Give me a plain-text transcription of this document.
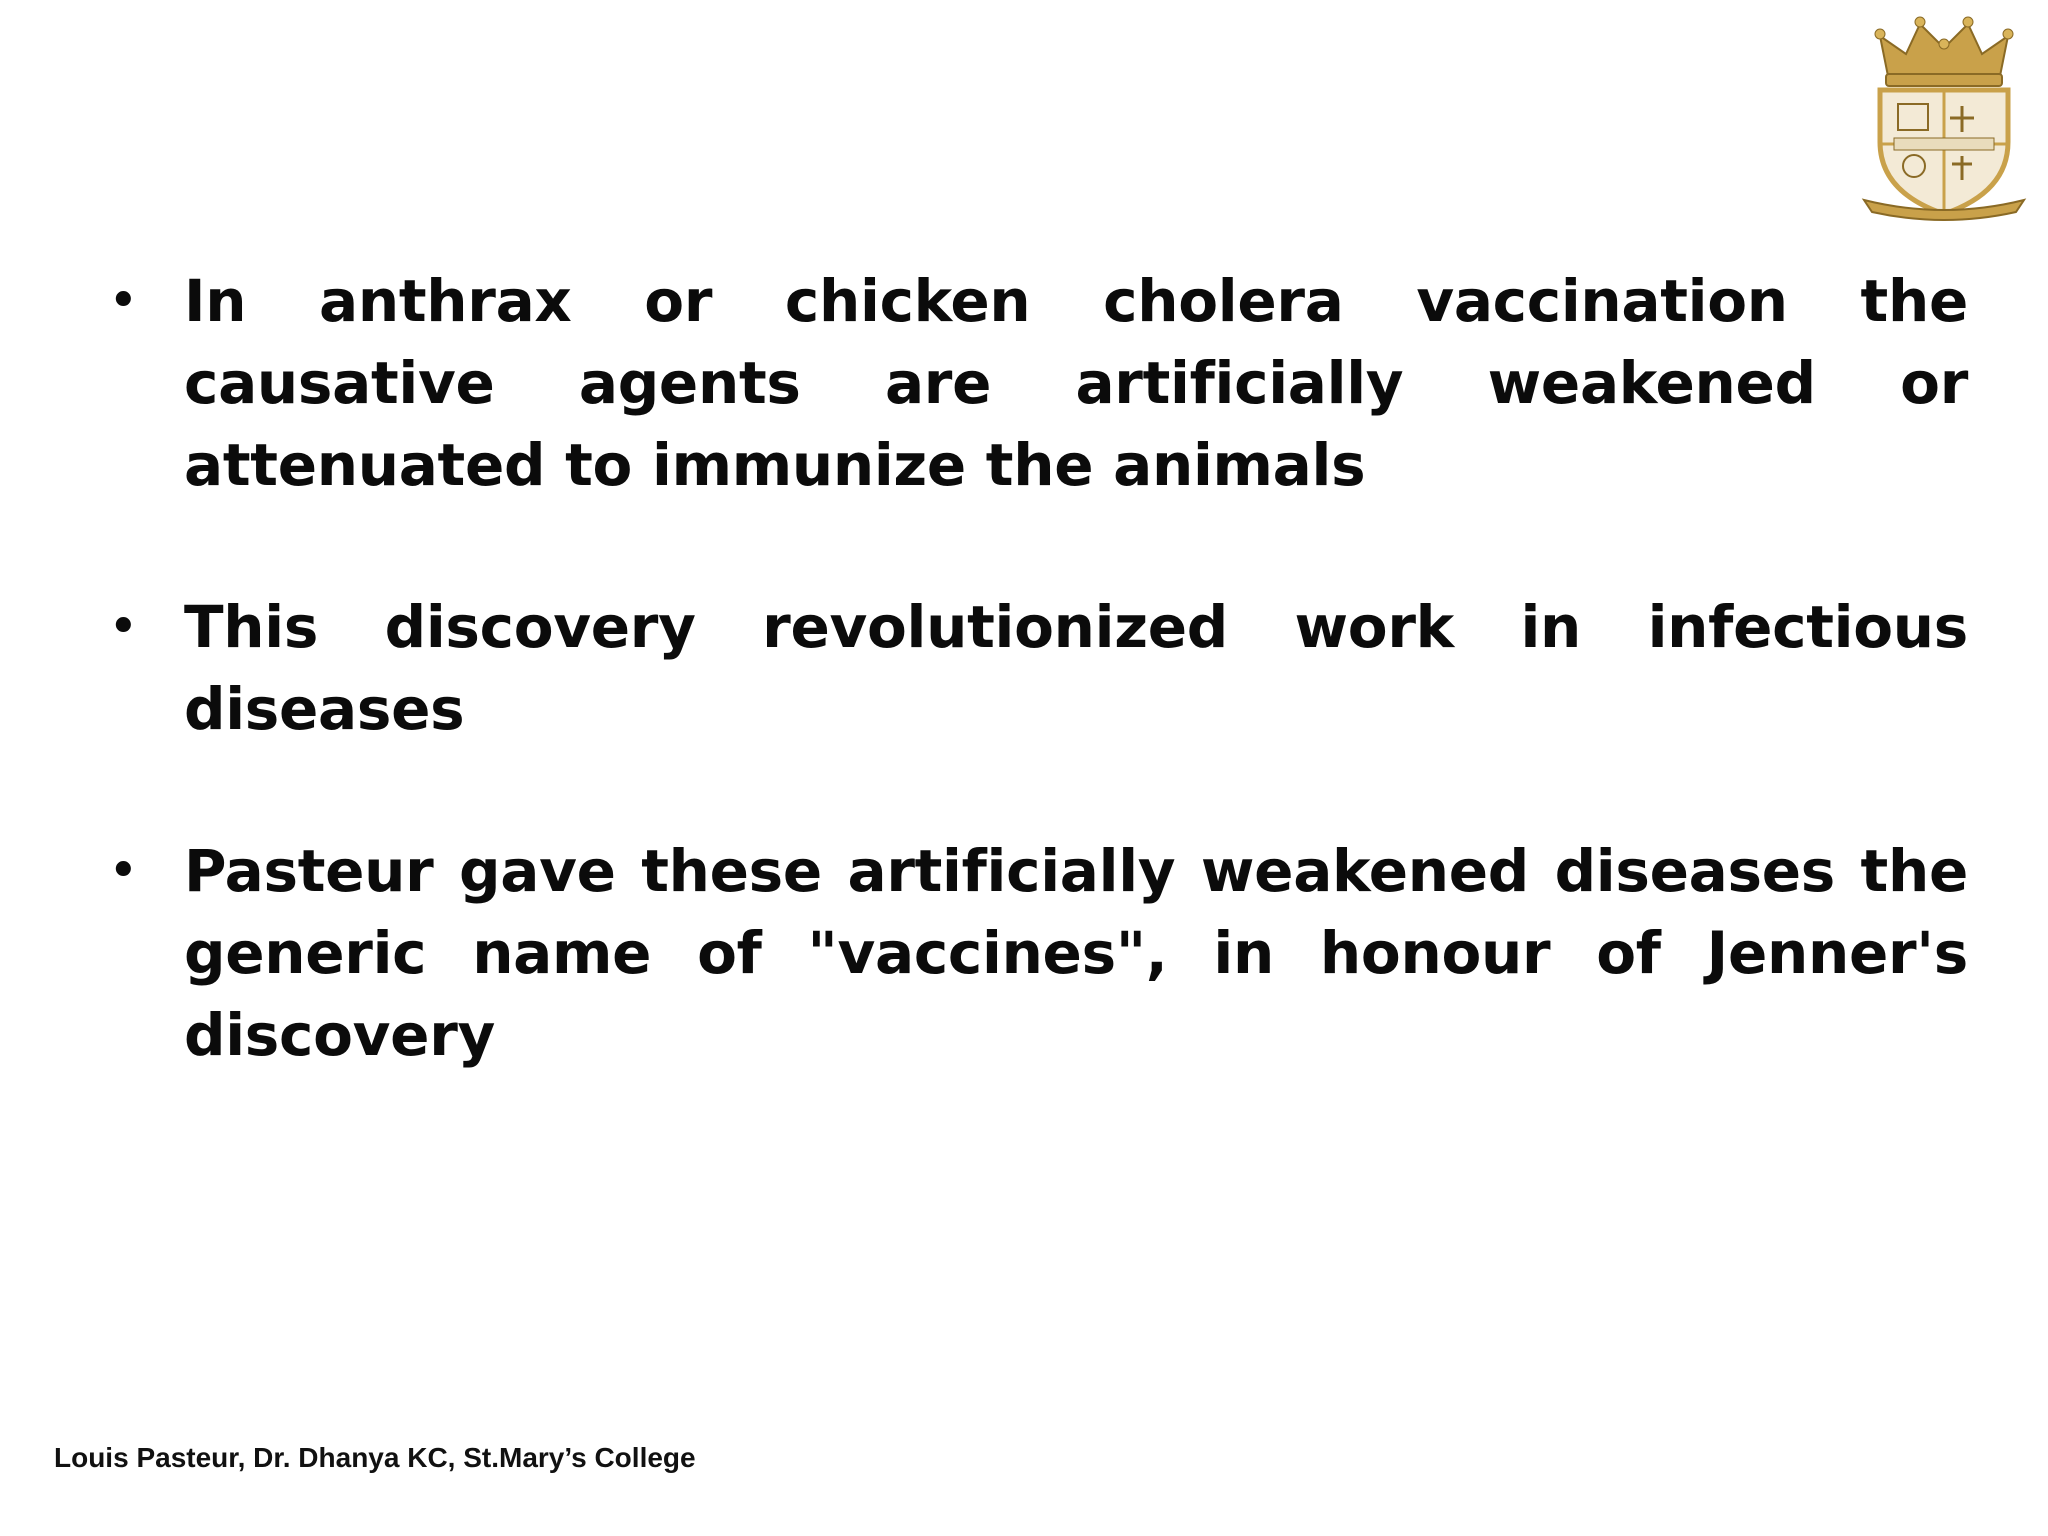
• In anthrax or chicken cholera vaccination the causative agents are artificially weakened or attenuated to immunize the animals
• This discovery revolutionized work in infectious diseases
• Pasteur gave these artificially weakened diseases the generic name of "vaccines", in honour of Jenner's discovery
Louis Pasteur, Dr. Dhanya KC, St.Mary’s College
